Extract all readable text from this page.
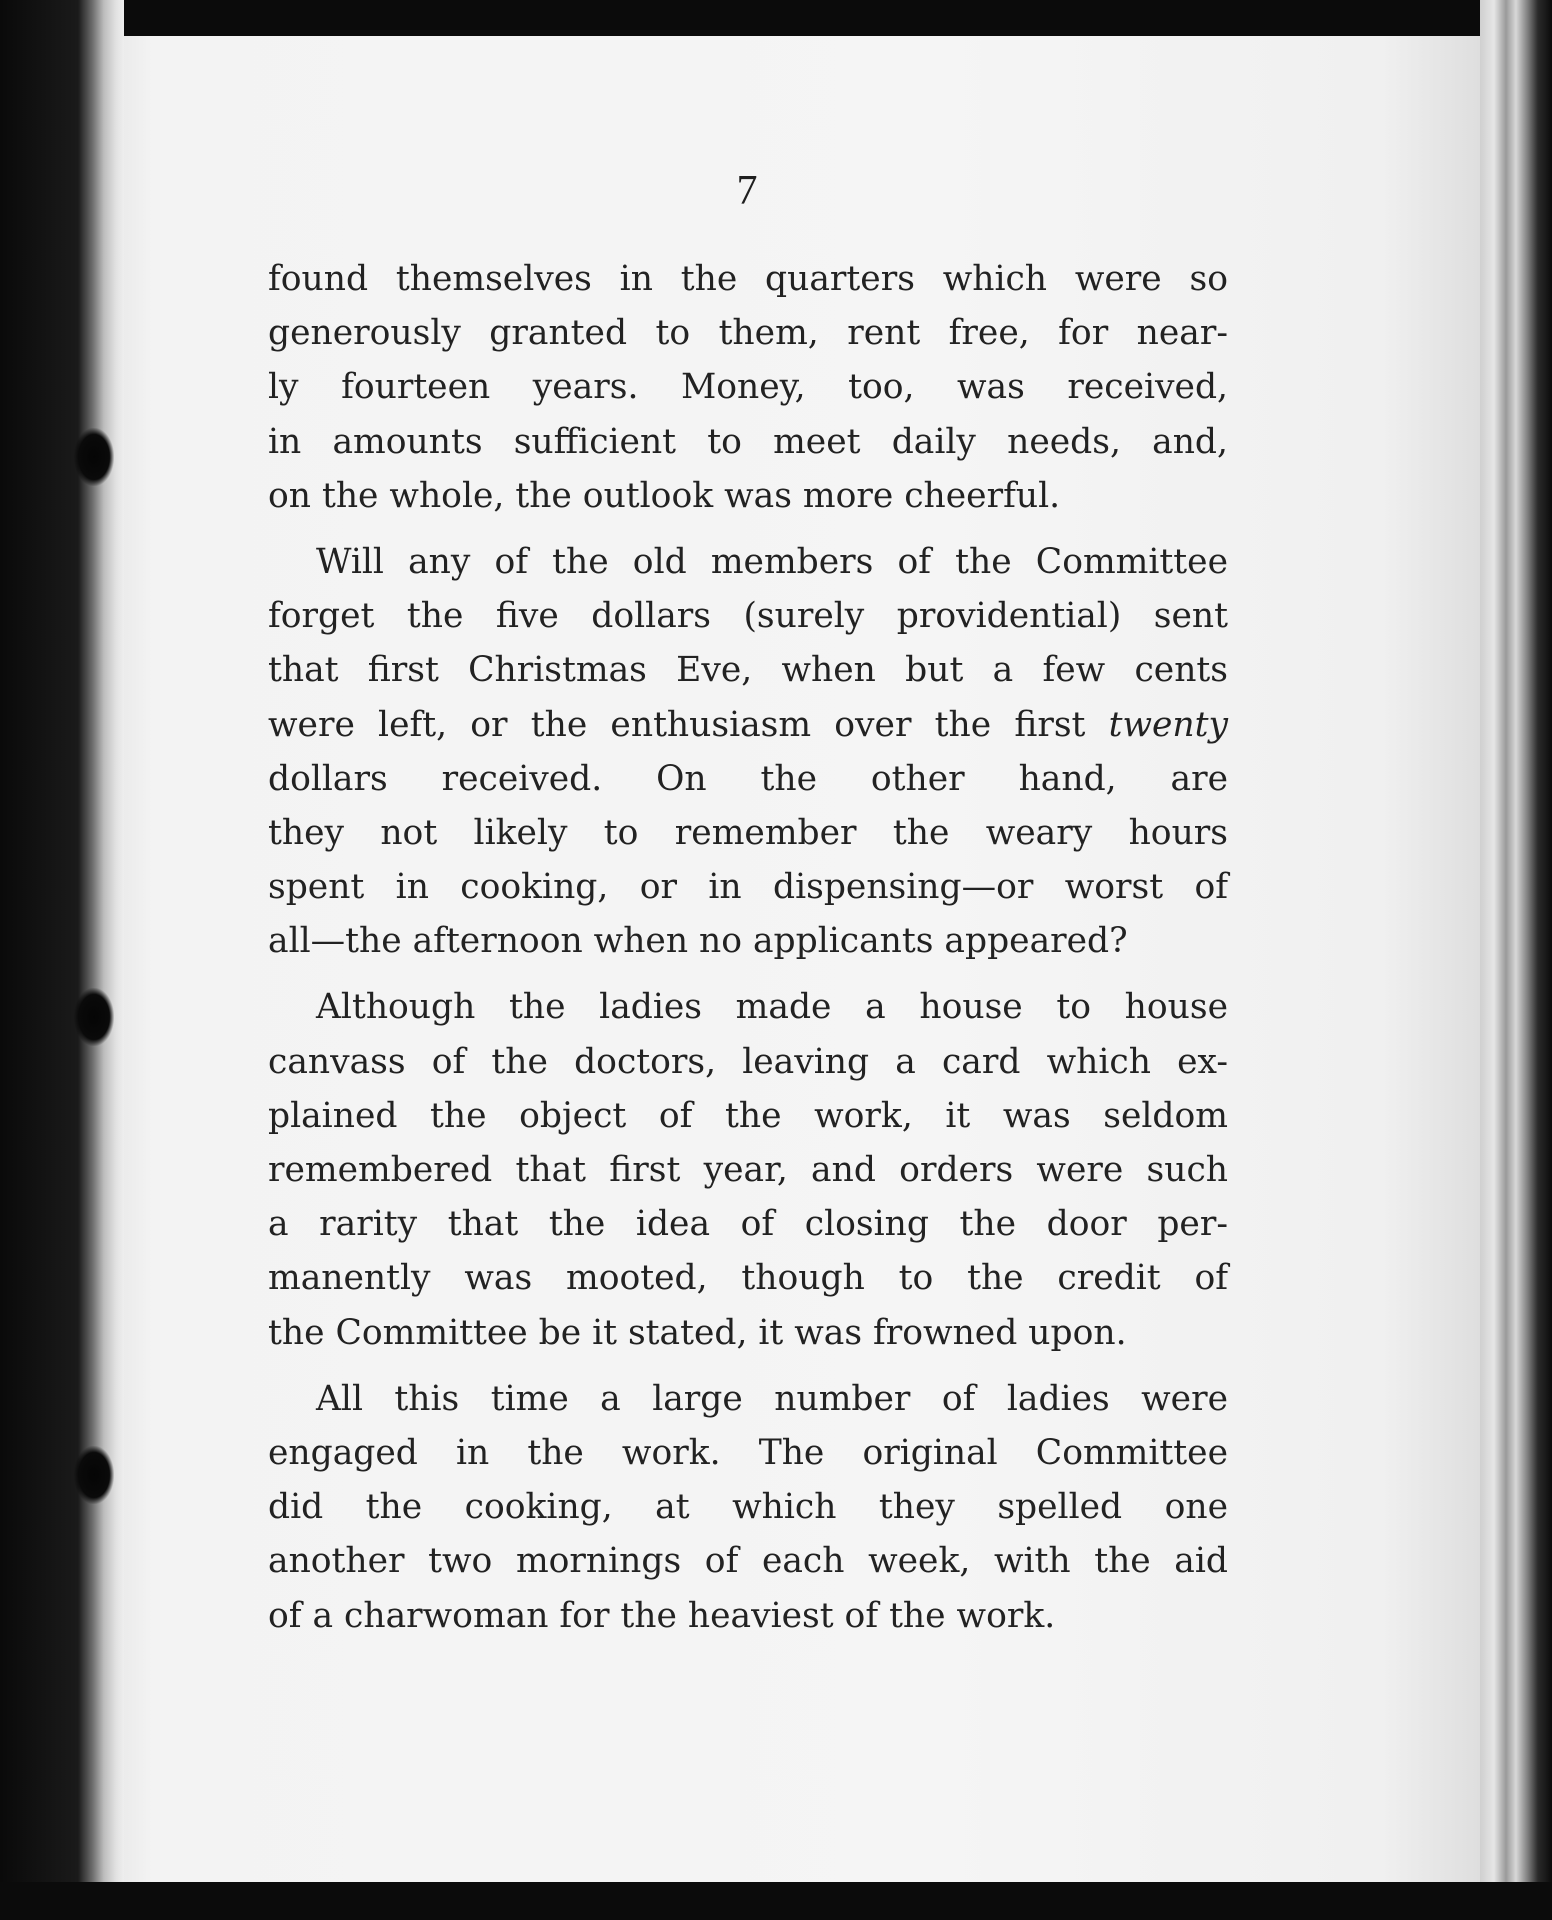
7
found themselves in the quarters which were so
generously granted to them, rent free, for near-
ly fourteen years. Money, too, was received,
in amounts sufficient to meet daily needs, and,
on the whole, the outlook was more cheerful.
Will any of the old members of the Committee
forget the five dollars (surely providential) sent
that first Christmas Eve, when but a few cents
were left, or the enthusiasm over the first twenty
dollars received. On the other hand, are
they not likely to remember the weary hours
spent in cooking, or in dispensing—or worst of
all—the afternoon when no applicants appeared?
Although the ladies made a house to house
canvass of the doctors, leaving a card which ex-
plained the object of the work, it was seldom
remembered that first year, and orders were such
a rarity that the idea of closing the door per-
manently was mooted, though to the credit of
the Committee be it stated, it was frowned upon.
All this time a large number of ladies were
engaged in the work. The original Committee
did the cooking, at which they spelled one
another two mornings of each week, with the aid
of a charwoman for the heaviest of the work.
